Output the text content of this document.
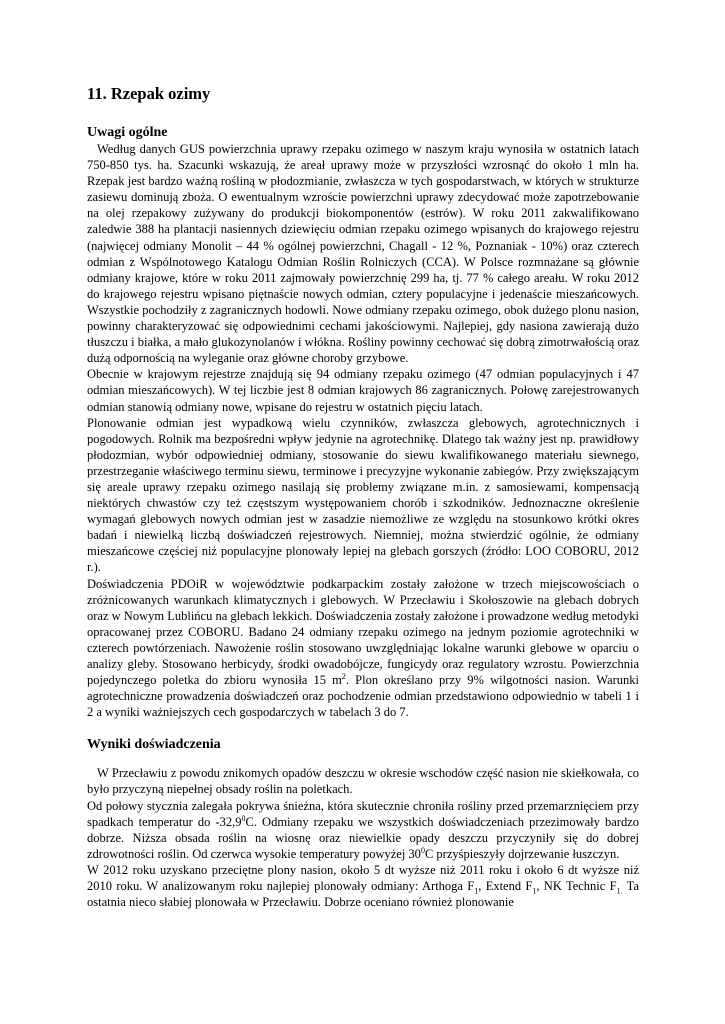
11. Rzepak ozimy
Uwagi ogólne

Według danych GUS powierzchnia uprawy rzepaku ozimego w naszym kraju wynosiła w ostatnich latach 750-850 tys. ha. Szacunki wskazują, że areał uprawy może w przyszłości wzrosnąć do około 1 mln ha. Rzepak jest bardzo ważną rośliną w płodozmianie, zwłaszcza w tych gospodarstwach, w których w strukturze zasiewu dominują zboża. O ewentualnym wzroście powierzchni uprawy zdecydować może zapotrzebowanie na olej rzepakowy zużywany do produkcji biokomponentów (estrów). W roku 2011 zakwalifikowano zaledwie 388 ha plantacji nasiennych dziewięciu odmian rzepaku ozimego wpisanych do krajowego rejestru (najwięcej odmiany Monolit – 44 % ogólnej powierzchni, Chagall - 12 %, Poznaniak - 10%) oraz czterech odmian z Wspólnotowego Katalogu Odmian Roślin Rolniczych (CCA). W Polsce rozmnażane są głównie odmiany krajowe, które w roku 2011 zajmowały powierzchnię 299 ha, tj. 77 % całego areału. W roku 2012 do krajowego rejestru wpisano piętnaście nowych odmian, cztery populacyjne i jedenaście mieszańcowych. Wszystkie pochodziły z zagranicznych hodowli. Nowe odmiany rzepaku ozimego, obok dużego plonu nasion, powinny charakteryzować się odpowiednimi cechami jakościowymi. Najlepiej, gdy nasiona zawierają dużo tłuszczu i białka, a mało glukozynolanów i włókna. Rośliny powinny cechować się dobrą zimotrwałością oraz dużą odpornością na wyleganie oraz główne choroby grzybowe.

Obecnie w krajowym rejestrze znajdują się 94 odmiany rzepaku ozimego (47 odmian populacyjnych i 47 odmian mieszańcowych). W tej liczbie jest 8 odmian krajowych 86 zagranicznych. Połowę zarejestrowanych odmian stanowią odmiany nowe, wpisane do rejestru w ostatnich pięciu latach.

Plonowanie odmian jest wypadkową wielu czynników, zwłaszcza glebowych, agrotechnicznych i pogodowych. Rolnik ma bezpośredni wpływ jedynie na agrotechnikę. Dlatego tak ważny jest np. prawidłowy płodozmian, wybór odpowiedniej odmiany, stosowanie do siewu kwalifikowanego materiału siewnego, przestrzeganie właściwego terminu siewu, terminowe i precyzyjne wykonanie zabiegów. Przy zwiększającym się areale uprawy rzepaku ozimego nasilają się problemy związane m.in. z samosiewami, kompensacją niektórych chwastów czy też częstszym występowaniem chorób i szkodników. Jednoznaczne określenie wymagań glebowych nowych odmian jest w zasadzie niemożliwe ze względu na stosunkowo krótki okres badań i niewielką liczbą doświadczeń rejestrowych. Niemniej, można stwierdzić ogólnie, że odmiany mieszańcowe częściej niż populacyjne plonowały lepiej na glebach gorszych (źródło: LOO COBORU, 2012 r.).

Doświadczenia PDOiR w województwie podkarpackim zostały założone w trzech miejscowościach o zróżnicowanych warunkach klimatycznych i glebowych. W Przecławiu i Skołoszowie na glebach dobrych oraz w Nowym Lublińcu na glebach lekkich. Doświadczenia zostały założone i prowadzone według metodyki opracowanej przez COBORU. Badano 24 odmiany rzepaku ozimego na jednym poziomie agrotechniki w czterech powtórzeniach. Nawożenie roślin stosowano uwzględniając lokalne warunki glebowe w oparciu o analizy gleby. Stosowano herbicydy, środki owadobójcze, fungicydy oraz regulatory wzrostu. Powierzchnia pojedynczego poletka do zbioru wynosiła 15 $m^2$. Plon określano przy 9% wilgotności nasion. Warunki agrotechniczne prowadzenia doświadczeń oraz pochodzenie odmian przedstawiono odpowiednio w tabeli 1 i 2 a wyniki ważniejszych cech gospodarczych w tabelach 3 do 7.

Wyniki doświadczenia

W Przecławiu z powodu znikomych opadów deszczu w okresie wschodów część nasion nie skiełkowała, co było przyczyną niepełnej obsady roślin na poletkach.

Od połowy stycznia zalegała pokrywa śnieżna, która skutecznie chroniła rośliny przed przemarznięciem przy spadkach temperatur do -32,9$^0$C. Odmiany rzepaku we wszystkich doświadczeniach przezimowały bardzo dobrze. Niższa obsada roślin na wiosnę oraz niewielkie opady deszczu przyczyniły się do dobrej zdrowotności roślin. Od czerwca wysokie temperatury powyżej $30^0C$ przyśpieszyły dojrzewanie łuszczyn.

W 2012 roku uzyskano przeciętne plony nasion, około 5 dt wyższe niż 2011 roku i około 6 dt wyższe niż 2010 roku. W analizowanym roku najlepiej plonowały odmiany: Arthoga $F_1$, Extend $F_1$, NK Technic $F_{1.}$ Ta ostatnia nieco słabiej plonowała w Przecławiu. Dobrze oceniano również plonowanie
